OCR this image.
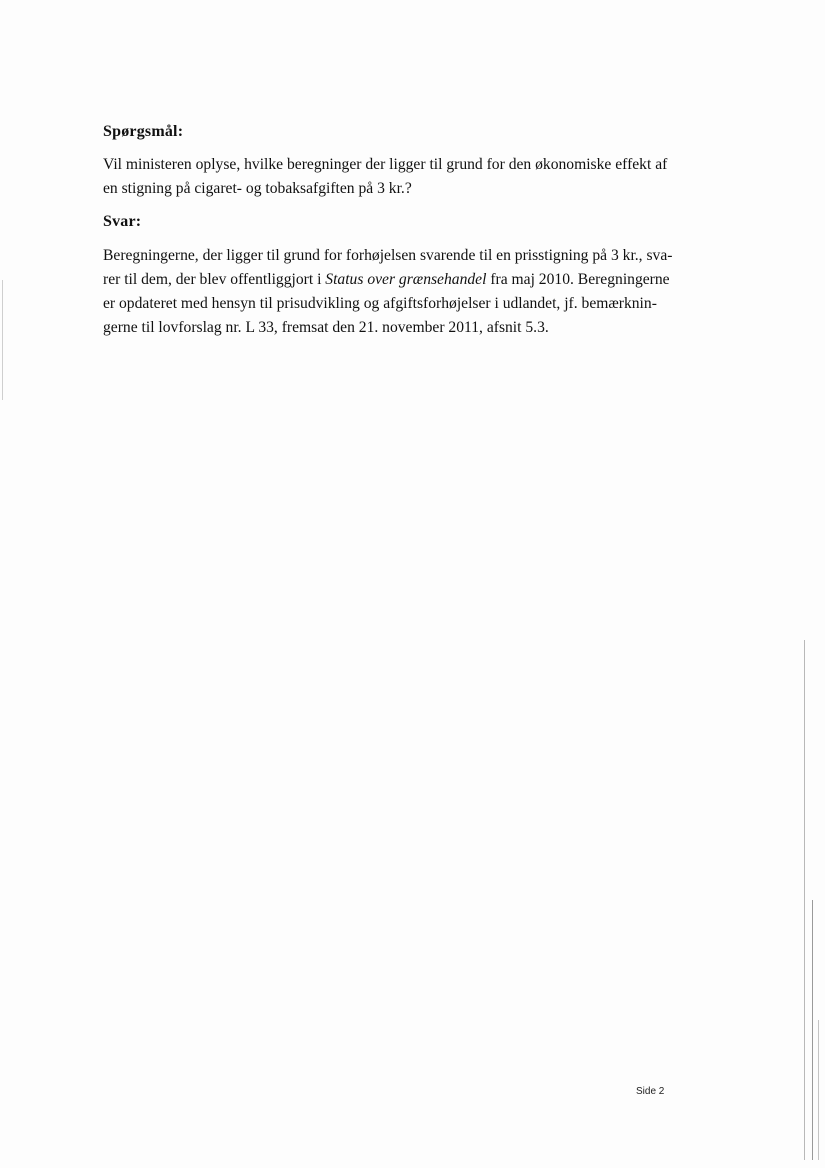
Spørgsmål:

Vil ministeren oplyse, hvilke beregninger der ligger til grund for den økonomiske effekt af
en stigning på cigaret- og tobaksafgiften på 3 kr.?

Svar:

Beregningerne, der ligger til grund for forhøjelsen svarende til en prisstigning på 3 kr., sva-
rer til dem, der blev offentliggjort i Status over grænsehandel fra maj 2010. Beregningerne
er opdateret med hensyn til prisudvikling og afgiftsforhøjelser i udlandet, jf. bemærknin-
gerne til lovforslag nr. L 33, fremsat den 21. november 2011, afsnit 5.3.

Side 2
